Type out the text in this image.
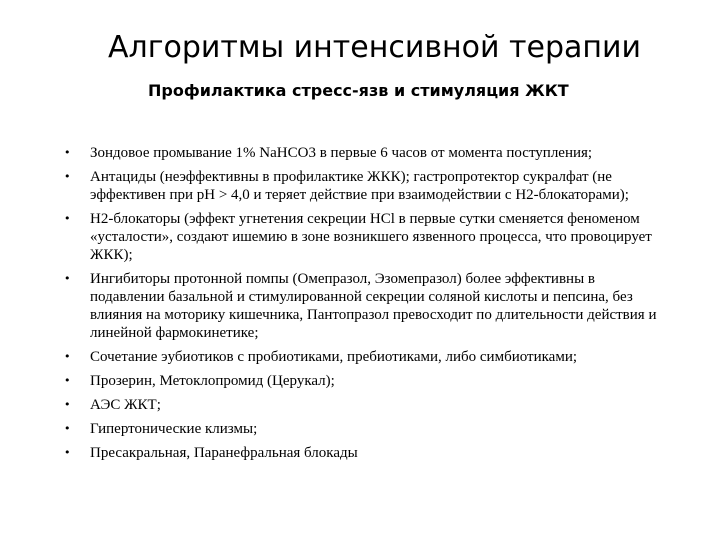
Алгоритмы интенсивной терапии
Профилактика стресс-язв и стимуляция ЖКТ
• Зондовое промывание 1% NaHCO3 в первые 6 часов от момента поступления;
• Антациды (неэффективны в профилактике ЖКК); гастропротектор сукралфат (не эффективен при pH > 4,0 и теряет действие при взаимодействии с Н2-блокаторами);
• Н2-блокаторы (эффект угнетения секреции HCl в первые сутки сменяется феноменом «усталости», создают ишемию в зоне возникшего язвенного процесса, что провоцирует ЖКК);
• Ингибиторы протонной помпы (Омепразол, Эзомепразол) более эффективны в подавлении базальной и стимулированной секреции соляной кислоты и пепсина, без влияния на моторику кишечника, Пантопразол превосходит по длительности действия и линейной фармокинетике;
• Сочетание эубиотиков с пробиотиками, пребиотиками, либо симбиотиками;
• Прозерин, Метоклопромид (Церукал);
• АЭС ЖКТ;
• Гипертонические клизмы;
• Пресакральная, Паранефральная блокады
